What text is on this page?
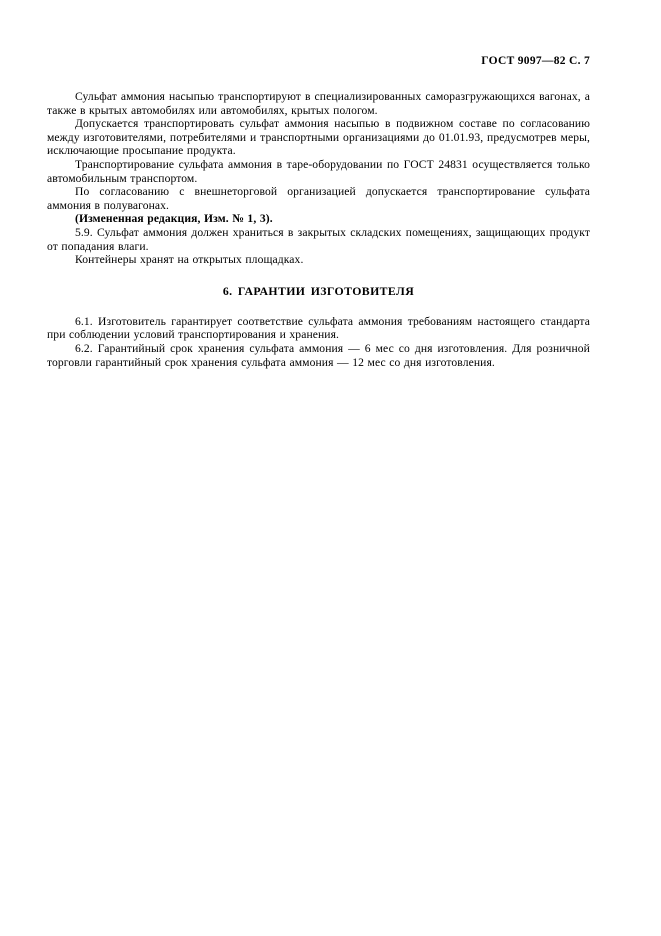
ГОСТ 9097—82 С. 7

Сульфат аммония насыпью транспортируют в специализированных саморазгружающихся вагонах, а также в крытых автомобилях или автомобилях, крытых пологом.

Допускается транспортировать сульфат аммония насыпью в подвижном составе по согласованию между изготовителями, потребителями и транспортными организациями до 01.01.93, предусмотрев меры, исключающие просыпание продукта.

Транспортирование сульфата аммония в таре-оборудовании по ГОСТ 24831 осуществляется только автомобильным транспортом.

По согласованию с внешнеторговой организацией допускается транспортирование сульфата аммония в полувагонах.

(Измененная редакция, Изм. № 1, 3).

5.9. Сульфат аммония должен храниться в закрытых складских помещениях, защищающих продукт от попадания влаги.

Контейнеры хранят на открытых площадках.

6. ГАРАНТИИ ИЗГОТОВИТЕЛЯ

6.1. Изготовитель гарантирует соответствие сульфата аммония требованиям настоящего стандарта при соблюдении условий транспортирования и хранения.

6.2. Гарантийный срок хранения сульфата аммония — 6 мес со дня изготовления. Для розничной торговли гарантийный срок хранения сульфата аммония — 12 мес со дня изготовления.
